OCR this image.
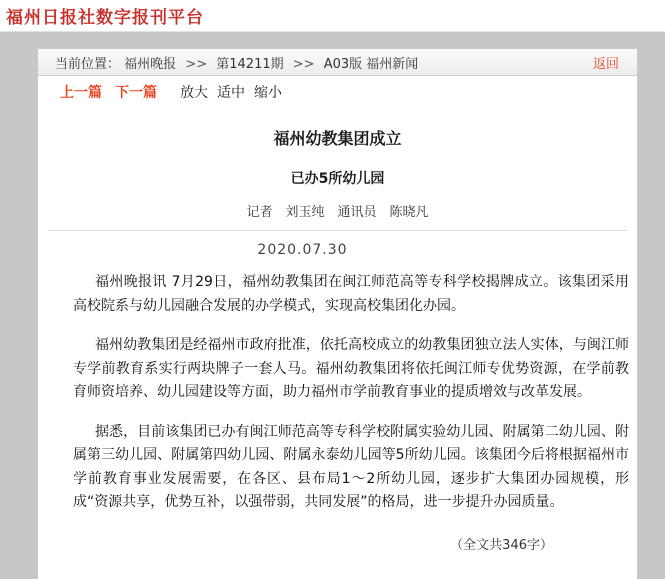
福州日报社数字报刊平台
当前位置： 福州晚报 >> 第14211期 >> A03版 福州新闻	返回
上一篇 下一篇 放大 适中 缩小
福州幼教集团成立
已办5所幼儿园
记者　刘玉纯　通讯员　陈晓凡
2020.07.30

福州晚报讯 7月29日，福州幼教集团在闽江师范高等专科学校揭牌成立。该集团采用高校院系与幼儿园融合发展的办学模式，实现高校集团化办园。

福州幼教集团是经福州市政府批准，依托高校成立的幼教集团独立法人实体，与闽江师专学前教育系实行两块牌子一套人马。福州幼教集团将依托闽江师专优势资源，在学前教育师资培养、幼儿园建设等方面，助力福州市学前教育事业的提质增效与改革发展。

据悉，目前该集团已办有闽江师范高等专科学校附属实验幼儿园、附属第二幼儿园、附属第三幼儿园、附属第四幼儿园、附属永泰幼儿园等5所幼儿园。该集团今后将根据福州市学前教育事业发展需要，在各区、县布局1～2所幼儿园，逐步扩大集团办园规模，形成“资源共享，优势互补，以强带弱，共同发展”的格局，进一步提升办园质量。

（全文共346字）
